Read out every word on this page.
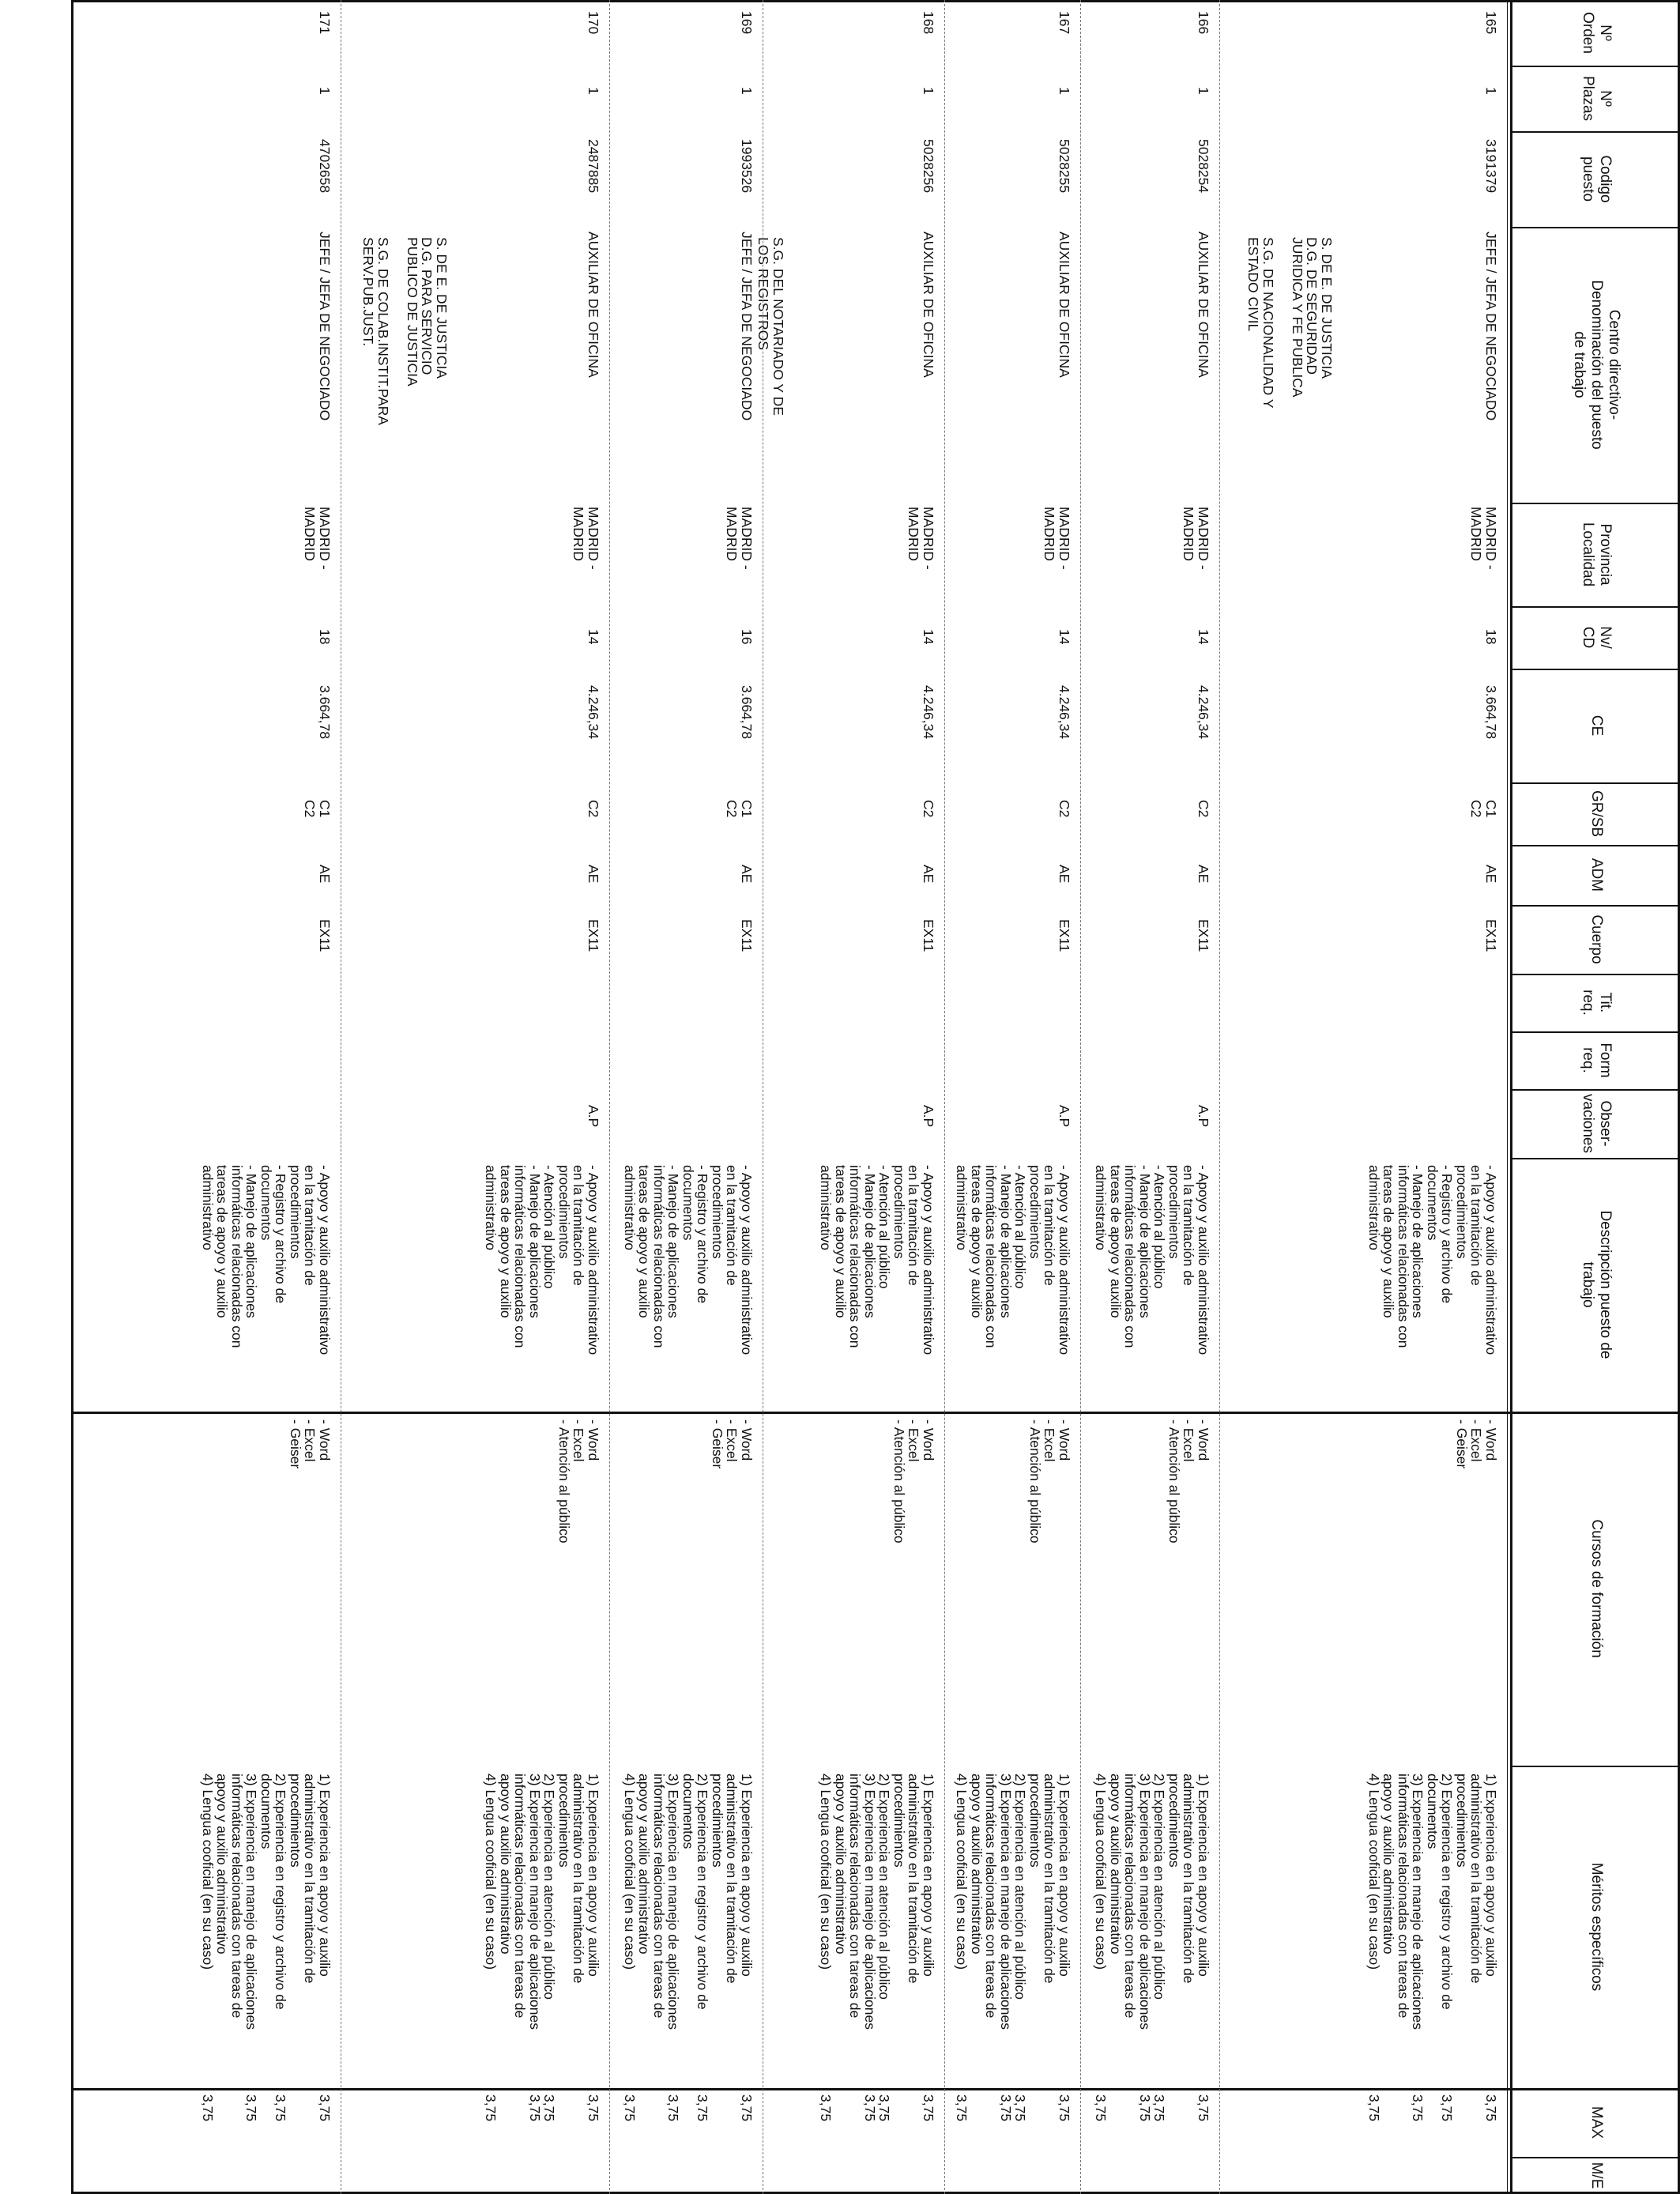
Nº
Orden
Nº
Plazas
Codigo
puesto
Centro directivo-
Denominación del puesto
de trabajo
Provincia
Localidad
Nv/
CD
CE
GR/SB
ADM
Cuerpo
Tit.
req.
Form
req.
Obser-
vaciones
Descripción puesto de
trabajo
Cursos de formación
Méritos específicos
MAX
M/E
S. DE E. DE JUSTICIA
D.G. DE SEGURIDAD
JURIDICA Y FE PUBLICA

S.G. DE NACIONALIDAD Y
ESTADO CIVIL
S.G. DEL NOTARIADO Y DE
LOS REGISTROS
S. DE E. DE JUSTICIA
D.G. PARA SERVICIO
PUBLICO DE JUSTICIA

S.G. DE COLAB.INSTIT.PARA
SERV.PUB.JUST.
165
1
3191379
JEFE / JEFA DE NEGOCIADO
MADRID -
MADRID
18
3.664,78
C1
C2
AE
EX11
- Apoyo y auxilio administrativo
en la tramitación de
procedimientos
- Registro y archivo de
documentos
- Manejo de aplicaciones
informáticas relacionadas con
tareas de apoyo y auxilio
administrativo
- Word
- Excel
- Geiser
1) Experiencia en apoyo y auxilio
administrativo en la tramitación de
procedimientos
2) Experiencia en registro y archivo de
documentos
3) Experiencia en manejo de aplicaciones
informáticas relacionadas con tareas de
apoyo y auxilio administrativo
4) Lengua cooficial (en su caso)
3,75

3,75

3,75

3,75
166
1
5028254
AUXILIAR DE OFICINA
MADRID -
MADRID
14
4.246,34
C2
AE
EX11
A.P
- Apoyo y auxilio administrativo
en la tramitación de
procedimientos
- Atención al público
- Manejo de aplicaciones
informáticas relacionadas con
tareas de apoyo y auxilio
administrativo
- Word
- Excel
- Atención al público
1) Experiencia en apoyo y auxilio
administrativo en la tramitación de
procedimientos
2) Experiencia en atención al público
3) Experiencia en manejo de aplicaciones
informáticas relacionadas con tareas de
apoyo y auxilio administrativo
4) Lengua cooficial (en su caso)
3,75

3,75
3,75

3,75
167
1
5028255
AUXILIAR DE OFICINA
MADRID -
MADRID
14
4.246,34
C2
AE
EX11
A.P
- Apoyo y auxilio administrativo
en la tramitación de
procedimientos
- Atención al público
- Manejo de aplicaciones
informáticas relacionadas con
tareas de apoyo y auxilio
administrativo
- Word
- Excel
- Atención al público
1) Experiencia en apoyo y auxilio
administrativo en la tramitación de
procedimientos
2) Experiencia en atención al público
3) Experiencia en manejo de aplicaciones
informáticas relacionadas con tareas de
apoyo y auxilio administrativo
4) Lengua cooficial (en su caso)
3,75

3,75
3,75

3,75
168
1
5028256
AUXILIAR DE OFICINA
MADRID -
MADRID
14
4.246,34
C2
AE
EX11
A.P
- Apoyo y auxilio administrativo
en la tramitación de
procedimientos
- Atención al público
- Manejo de aplicaciones
informáticas relacionadas con
tareas de apoyo y auxilio
administrativo
- Word
- Excel
- Atención al público
1) Experiencia en apoyo y auxilio
administrativo en la tramitación de
procedimientos
2) Experiencia en atención al público
3) Experiencia en manejo de aplicaciones
informáticas relacionadas con tareas de
apoyo y auxilio administrativo
4) Lengua cooficial (en su caso)
3,75

3,75
3,75

3,75
169
1
1993526
JEFE / JEFA DE NEGOCIADO
MADRID -
MADRID
16
3.664,78
C1
C2
AE
EX11
- Apoyo y auxilio administrativo
en la tramitación de
procedimientos
- Registro y archivo de
documentos
- Manejo de aplicaciones
informáticas relacionadas con
tareas de apoyo y auxilio
administrativo
- Word
- Excel
- Geiser
1) Experiencia en apoyo y auxilio
administrativo en la tramitación de
procedimientos
2) Experiencia en registro y archivo de
documentos
3) Experiencia en manejo de aplicaciones
informáticas relacionadas con tareas de
apoyo y auxilio administrativo
4) Lengua cooficial (en su caso)
3,75

3,75

3,75

3,75
170
1
2487885
AUXILIAR DE OFICINA
MADRID -
MADRID
14
4.246,34
C2
AE
EX11
A.P
- Apoyo y auxilio administrativo
en la tramitación de
procedimientos
- Atención al público
- Manejo de aplicaciones
informáticas relacionadas con
tareas de apoyo y auxilio
administrativo
- Word
- Excel
- Atención al público
1) Experiencia en apoyo y auxilio
administrativo en la tramitación de
procedimientos
2) Experiencia en atención al público
3) Experiencia en manejo de aplicaciones
informáticas relacionadas con tareas de
apoyo y auxilio administrativo
4) Lengua cooficial (en su caso)
3,75

3,75
3,75

3,75
171
1
4702658
JEFE / JEFA DE NEGOCIADO
MADRID -
MADRID
18
3.664,78
C1
C2
AE
EX11
- Apoyo y auxilio administrativo
en la tramitación de
procedimientos
- Registro y archivo de
documentos
- Manejo de aplicaciones
informáticas relacionadas con
tareas de apoyo y auxilio
administrativo
- Word
- Excel
- Geiser
1) Experiencia en apoyo y auxilio
administrativo en la tramitación de
procedimientos
2) Experiencia en registro y archivo de
documentos
3) Experiencia en manejo de aplicaciones
informáticas relacionadas con tareas de
apoyo y auxilio administrativo
4) Lengua cooficial (en su caso)
3,75

3,75

3,75

3,75
